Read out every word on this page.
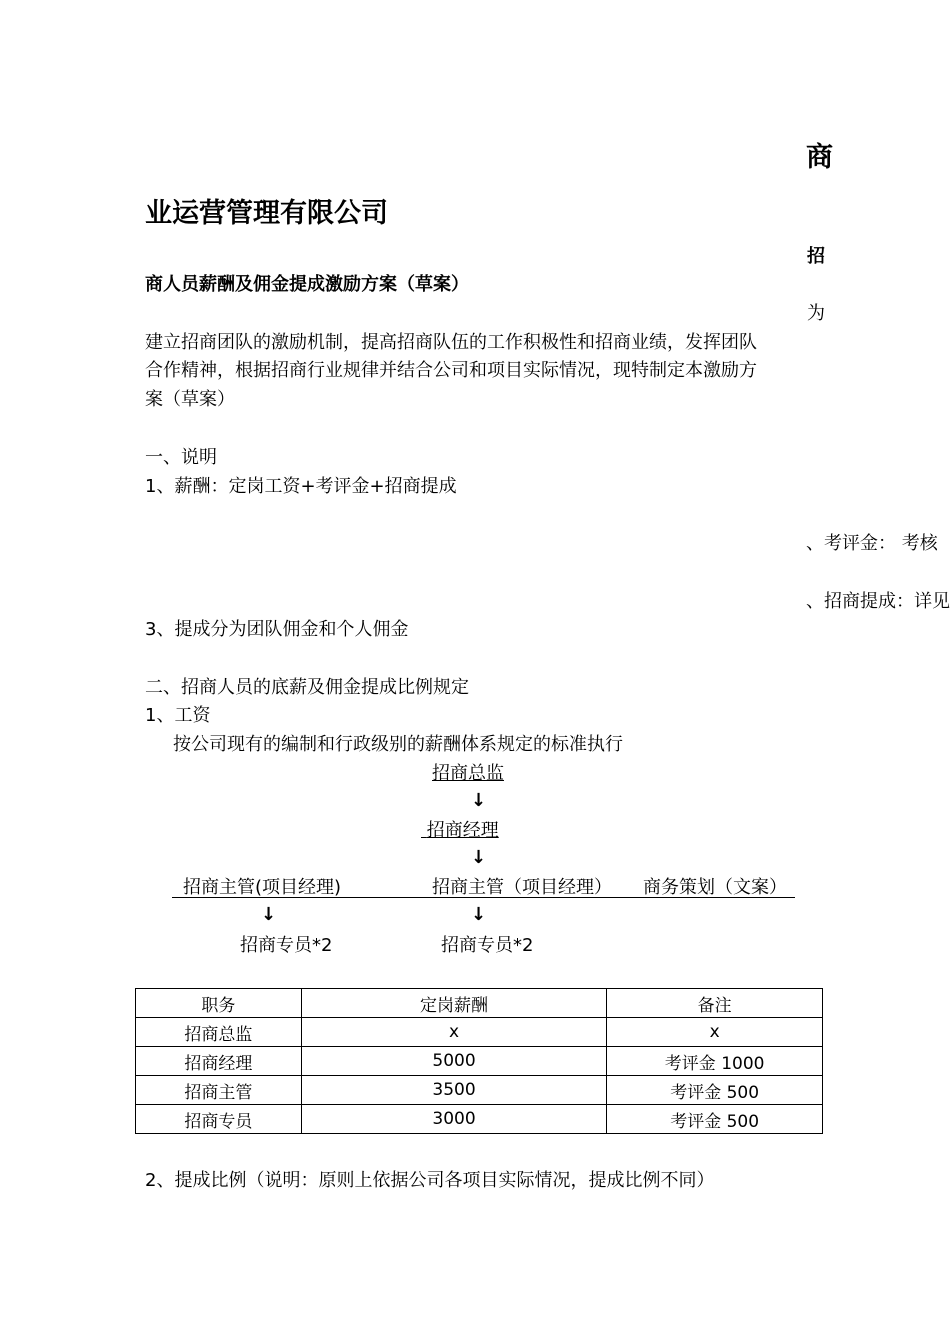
商
业运营管理有限公司
招
商人员薪酬及佣金提成激励方案（草案）
为
建立招商团队的激励机制，提高招商队伍的工作积极性和招商业绩，发挥团队
合作精神，根据招商行业规律并结合公司和项目实际情况，现特制定本激励方
案（草案）
一、说明
1、薪酬：定岗工资+考评金+招商提成
、考评金： 考核
、招商提成：详见
3、提成分为团队佣金和个人佣金
二、招商人员的底薪及佣金提成比例规定
1、工资
按公司现有的编制和行政级别的薪酬体系规定的标准执行
招商总监
↓
招商经理
↓
招商主管(项目经理)	招商主管（项目经理） 商务策划（文案）
↓	↓
招商专员*2	招商专员*2
职务	定岗薪酬	备注
招商总监	x	x
招商经理	5000	考评金 1000
招商主管	3500	考评金 500
招商专员	3000	考评金 500
2、提成比例（说明：原则上依据公司各项目实际情况，提成比例不同）
